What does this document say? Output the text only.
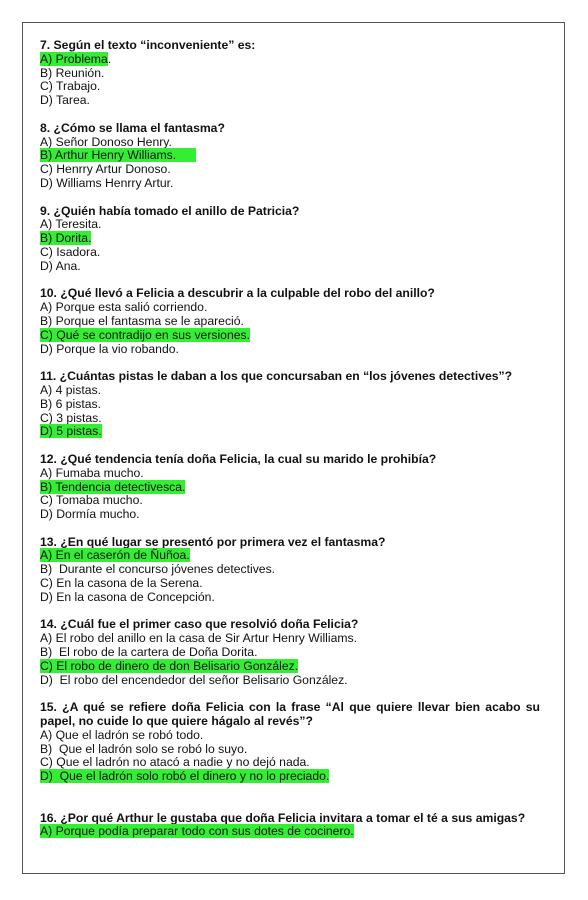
7. Según el texto “inconveniente” es:
A) Problema.
B) Reunión.
C) Trabajo.
D) Tarea.
8. ¿Cómo se llama el fantasma?
A) Señor Donoso Henry.
B) Arthur Henry Williams.
C) Henrry Artur Donoso.
D) Williams Henrry Artur.
9. ¿Quién había tomado el anillo de Patricia?
A) Teresita.
B) Dorita.
C) Isadora.
D) Ana.
10. ¿Qué llevó a Felicia a descubrir a la culpable del robo del anillo?
A) Porque esta salió corriendo.
B) Porque el fantasma se le apareció.
C) Qué se contradijo en sus versiones.
D) Porque la vio robando.
11. ¿Cuántas pistas le daban a los que concursaban en “los jóvenes detectives”?
A) 4 pistas.
B) 6 pistas.
C) 3 pistas.
D) 5 pistas.
12. ¿Qué tendencia tenía doña Felicia, la cual su marido le prohibía?
A) Fumaba mucho.
B) Tendencia detectivesca.
C) Tomaba mucho.
D) Dormía mucho.
13. ¿En qué lugar se presentó por primera vez el fantasma?
A) En el caserón de Ñuñoa.
B)  Durante el concurso jóvenes detectives.
C) En la casona de la Serena.
D) En la casona de Concepción.
14. ¿Cuál fue el primer caso que resolvió doña Felicia?
A) El robo del anillo en la casa de Sir Artur Henry Williams.
B)  El robo de la cartera de Doña Dorita.
C) El robo de dinero de don Belisario González.
D)  El robo del encendedor del señor Belisario González.
15. ¿A qué se refiere doña Felicia con la frase “Al que quiere llevar bien acabo su papel, no cuide lo que quiere hágalo al revés”?
A) Que el ladrón se robó todo.
B)  Que el ladrón solo se robó lo suyo.
C) Que el ladrón no atacó a nadie y no dejó nada.
D)  Que el ladrón solo robó el dinero y no lo preciado.
16. ¿Por qué Arthur le gustaba que doña Felicia invitara a tomar el té a sus amigas?
A) Porque podía preparar todo con sus dotes de cocinero.
